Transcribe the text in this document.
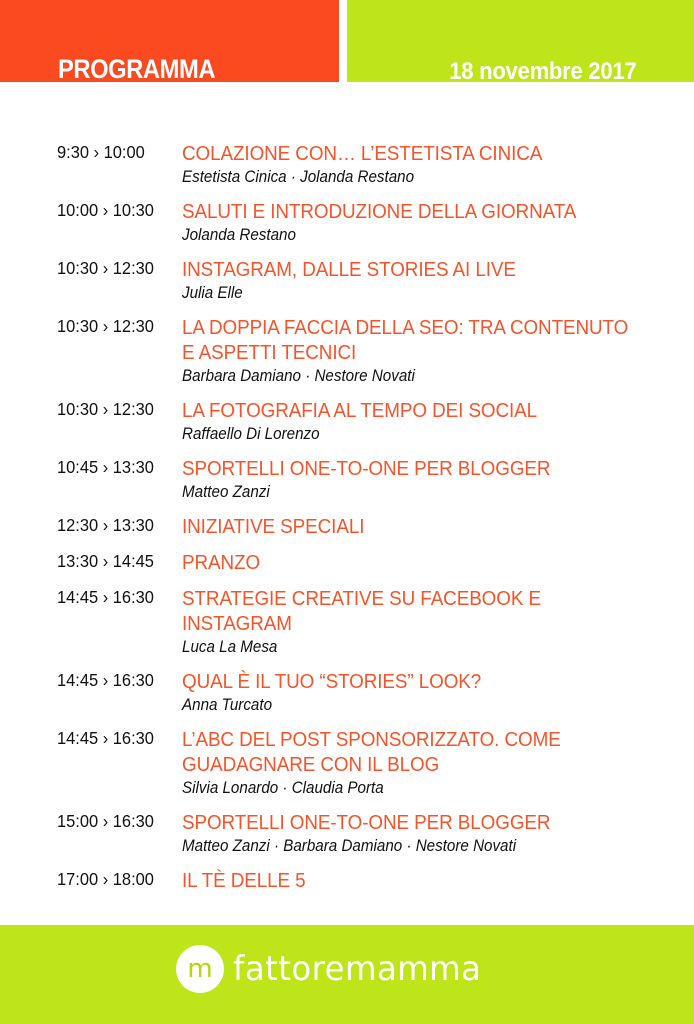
PROGRAMMA	18 novembre 2017
9:30 › 10:00	COLAZIONE CON… L’ESTETISTA CINICA
Estetista Cinica · Jolanda Restano
10:00 › 10:30	SALUTI E INTRODUZIONE DELLA GIORNATA
Jolanda Restano
10:30 › 12:30	INSTAGRAM, DALLE STORIES AI LIVE
Julia Elle
10:30 › 12:30	LA DOPPIA FACCIA DELLA SEO: TRA CONTENUTO
E ASPETTI TECNICI
Barbara Damiano · Nestore Novati
10:30 › 12:30	LA FOTOGRAFIA AL TEMPO DEI SOCIAL
Raffaello Di Lorenzo
10:45 › 13:30	SPORTELLI ONE-TO-ONE PER BLOGGER
Matteo Zanzi
12:30 › 13:30	INIZIATIVE SPECIALI
13:30 › 14:45	PRANZO
14:45 › 16:30	STRATEGIE CREATIVE SU FACEBOOK E INSTAGRAM
Luca La Mesa
14:45 › 16:30	QUAL È IL TUO “STORIES” LOOK?
Anna Turcato
14:45 › 16:30	L’ABC DEL POST SPONSORIZZATO. COME
GUADAGNARE CON IL BLOG
Silvia Lonardo · Claudia Porta
15:00 › 16:30	SPORTELLI ONE-TO-ONE PER BLOGGER
Matteo Zanzi · Barbara Damiano · Nestore Novati
17:00 › 18:00	IL TÈ DELLE 5
m fattoremamma
